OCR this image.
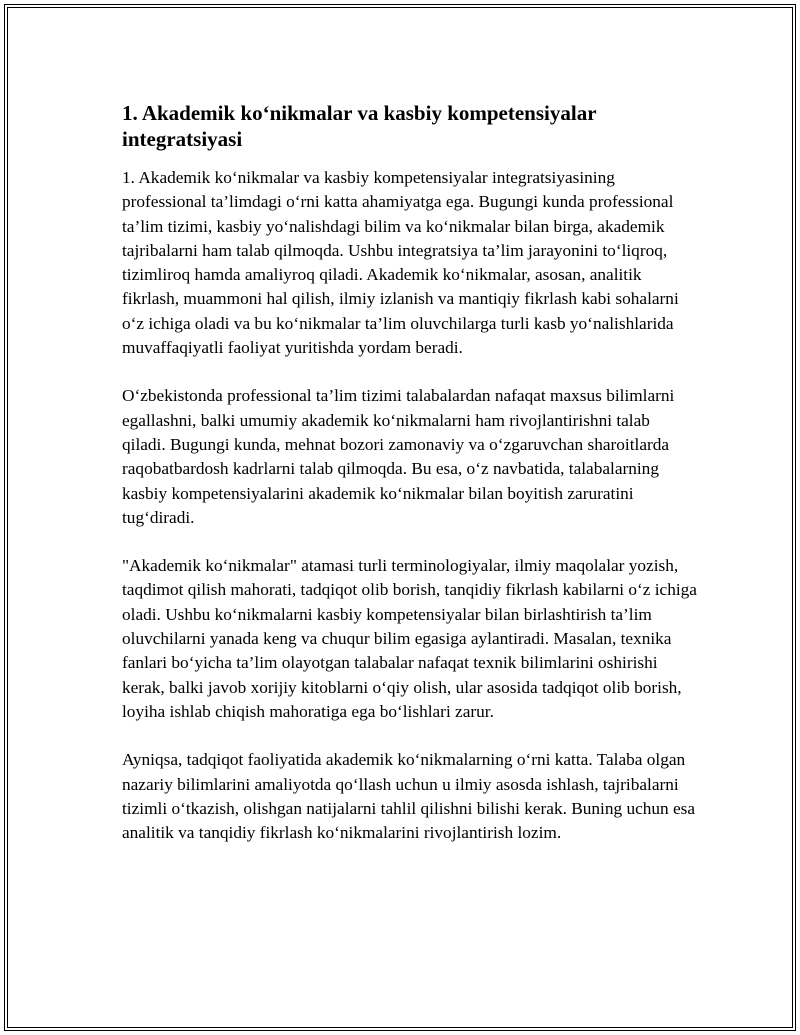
1. Akademik ko‘nikmalar va kasbiy kompetensiyalar integratsiyasi

1. Akademik ko‘nikmalar va kasbiy kompetensiyalar integratsiyasining professional ta’limdagi o‘rni katta ahamiyatga ega. Bugungi kunda professional ta’lim tizimi, kasbiy yo‘nalishdagi bilim va ko‘nikmalar bilan birga, akademik tajribalarni ham talab qilmoqda. Ushbu integratsiya ta’lim jarayonini to‘liqroq, tizimliroq hamda amaliyroq qiladi. Akademik ko‘nikmalar, asosan, analitik fikrlash, muammoni hal qilish, ilmiy izlanish va mantiqiy fikrlash kabi sohalarni o‘z ichiga oladi va bu ko‘nikmalar ta’lim oluvchilarga turli kasb yo‘nalishlarida muvaffaqiyatli faoliyat yuritishda yordam beradi.

O‘zbekistonda professional ta’lim tizimi talabalardan nafaqat maxsus bilimlarni egallashni, balki umumiy akademik ko‘nikmalarni ham rivojlantirishni talab qiladi. Bugungi kunda, mehnat bozori zamonaviy va o‘zgaruvchan sharoitlarda raqobatbardosh kadrlarni talab qilmoqda. Bu esa, o‘z navbatida, talabalarning kasbiy kompetensiyalarini akademik ko‘nikmalar bilan boyitish zaruratini tug‘diradi.

"Akademik ko‘nikmalar" atamasi turli terminologiyalar, ilmiy maqolalar yozish, taqdimot qilish mahorati, tadqiqot olib borish, tanqidiy fikrlash kabilarni o‘z ichiga oladi. Ushbu ko‘nikmalarni kasbiy kompetensiyalar bilan birlashtirish ta’lim oluvchilarni yanada keng va chuqur bilim egasiga aylantiradi. Masalan, texnika fanlari bo‘yicha ta’lim olayotgan talabalar nafaqat texnik bilimlarini oshirishi kerak, balki javob xorijiy kitoblarni o‘qiy olish, ular asosida tadqiqot olib borish, loyiha ishlab chiqish mahoratiga ega bo‘lishlari zarur.

Ayniqsa, tadqiqot faoliyatida akademik ko‘nikmalarning o‘rni katta. Talaba olgan nazariy bilimlarini amaliyotda qo‘llash uchun u ilmiy asosda ishlash, tajribalarni tizimli o‘tkazish, olishgan natijalarni tahlil qilishni bilishi kerak. Buning uchun esa analitik va tanqidiy fikrlash ko‘nikmalarini rivojlantirish lozim.
